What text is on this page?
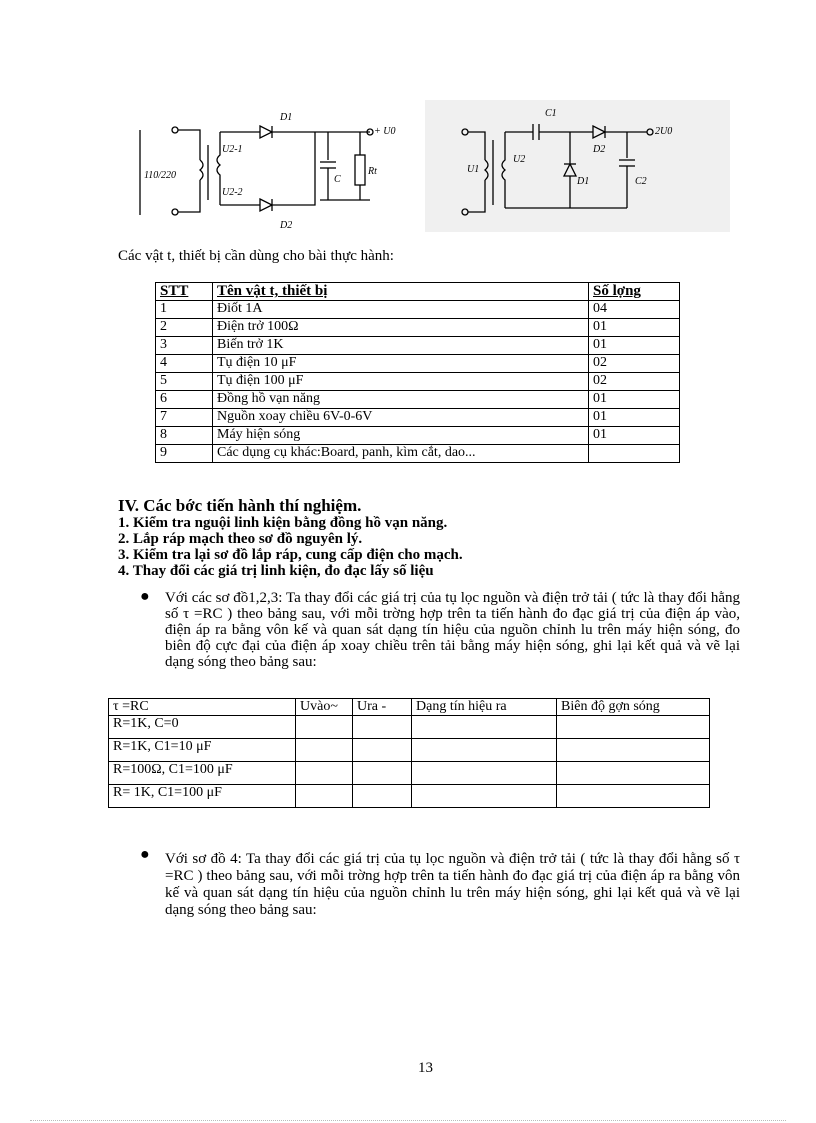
110/220
U2-1
U2-2
D1
D2
+ U0
C
Rt	U1
U2
C1
D1
D2
2U0
C2
Các vật t, thiết bị cần dùng cho bài thực hành:
STT	Tên vật t, thiết bị	Số lợng
1	Điốt 1A	04
2	Điện trở 100Ω	01
3	Biến trở 1K	01
4	Tụ điện 10 μF	02
5	Tụ điện 100 μF	02
6	Đồng hồ vạn năng	01
7	Nguồn xoay chiều 6V-0-6V	01
8	Máy hiện sóng	01
9	Các dụng cụ khác:Board, panh, kìm cắt, dao...	
IV. Các bớc tiến hành thí nghiệm.
1. Kiểm tra nguội linh kiện bằng đồng hồ vạn năng.
2. Lắp ráp mạch theo sơ đồ nguyên lý.
3. Kiểm tra lại sơ đồ lắp ráp, cung cấp điện cho mạch.
4. Thay đổi các giá trị linh kiện, đo đạc lấy số liệu
● Với các sơ đồ1,2,3: Ta thay đổi các giá trị của tụ lọc nguồn và điện trở tải ( tức là thay đổi hằng số τ =RC ) theo bảng sau, với mỗi trờng hợp trên ta tiến hành đo đạc giá trị của điện áp vào, điện áp ra bằng vôn kế và quan sát dạng tín hiệu của nguồn chỉnh lu trên máy hiện sóng, đo biên độ cực đại của điện áp xoay chiều trên tải bằng máy hiện sóng, ghi lại kết quả và vẽ lại dạng sóng theo bảng sau:
τ =RC	Uvào~	Ura -	Dạng tín hiệu ra	Biên độ gợn sóng
R=1K, C=0				
R=1K, C1=10 μF				
R=100Ω, C1=100 μF				
R= 1K, C1=100 μF				
● Với sơ đồ 4: Ta thay đổi các giá trị của tụ lọc nguồn và điện trở tải ( tức là thay đổi hằng số τ =RC ) theo bảng sau, với mỗi trờng hợp trên ta tiến hành đo đạc giá trị của điện áp ra bằng vôn kế và quan sát dạng tín hiệu của nguồn chỉnh lu trên máy hiện sóng, ghi lại kết quả và vẽ lại dạng sóng theo bảng sau:
13
